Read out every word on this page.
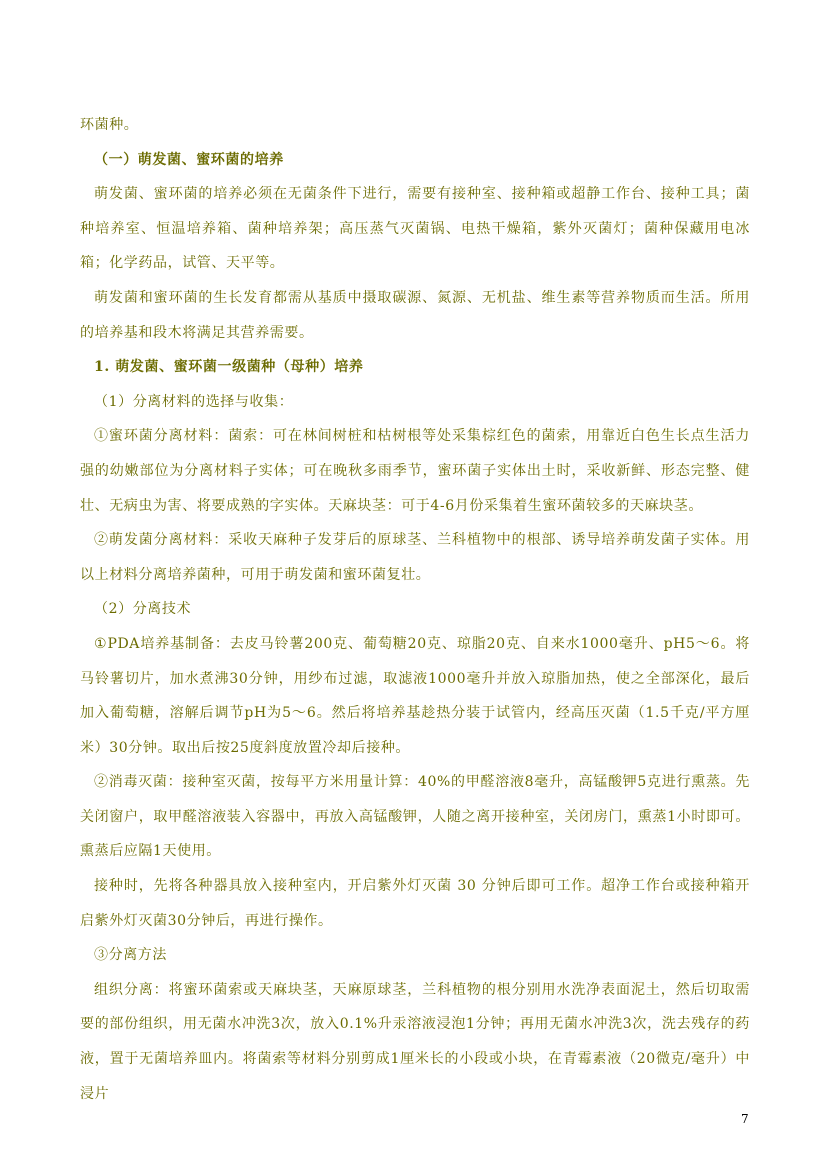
环菌种。

（一）萌发菌、蜜环菌的培养

萌发菌、蜜环菌的培养必须在无菌条件下进行，需要有接种室、接种箱或超静工作台、接种工具；菌种培养室、恒温培养箱、菌种培养架；高压蒸气灭菌锅、电热干燥箱，紫外灭菌灯；菌种保藏用电冰箱；化学药品，试管、天平等。

萌发菌和蜜环菌的生长发育都需从基质中摄取碳源、氮源、无机盐、维生素等营养物质而生活。所用的培养基和段木将满足其营养需要。

1. 萌发菌、蜜环菌一级菌种（母种）培养

（1）分离材料的选择与收集：

①蜜环菌分离材料：菌索：可在林间树桩和枯树根等处采集棕红色的菌索，用靠近白色生长点生活力强的幼嫩部位为分离材料子实体；可在晚秋多雨季节，蜜环菌子实体出土时，采收新鲜、形态完整、健壮、无病虫为害、将要成熟的字实体。天麻块茎：可于4-6月份采集着生蜜环菌较多的天麻块茎。

②萌发菌分离材料：采收天麻种子发芽后的原球茎、兰科植物中的根部、诱导培养萌发菌子实体。用以上材料分离培养菌种，可用于萌发菌和蜜环菌复壮。

（2）分离技术

①PDA培养基制备：去皮马铃薯200克、葡萄糖20克、琼脂20克、自来水1000毫升、pH5～6。将马铃薯切片，加水煮沸30分钟，用纱布过滤，取滤液1000毫升并放入琼脂加热，使之全部深化，最后加入葡萄糖，溶解后调节pH为5～6。然后将培养基趁热分装于试管内，经高压灭菌（1.5千克/平方厘米）30分钟。取出后按25度斜度放置冷却后接种。

②消毒灭菌：接种室灭菌，按每平方米用量计算：40%的甲醛溶液8毫升，高锰酸钾5克进行熏蒸。先关闭窗户，取甲醛溶液装入容器中，再放入高锰酸钾，人随之离开接种室，关闭房门，熏蒸1小时即可。熏蒸后应隔1天使用。

接种时，先将各种器具放入接种室内，开启紫外灯灭菌 30 分钟后即可工作。超净工作台或接种箱开启紫外灯灭菌30分钟后，再进行操作。

③分离方法

组织分离：将蜜环菌索或天麻块茎，天麻原球茎，兰科植物的根分别用水洗净表面泥土，然后切取需要的部份组织，用无菌水冲洗3次，放入0.1%升汞溶液浸泡1分钟；再用无菌水冲洗3次，洗去残存的药液，置于无菌培养皿内。将菌索等材料分别剪成1厘米长的小段或小块，在青霉素液（20微克/毫升）中浸片

7
